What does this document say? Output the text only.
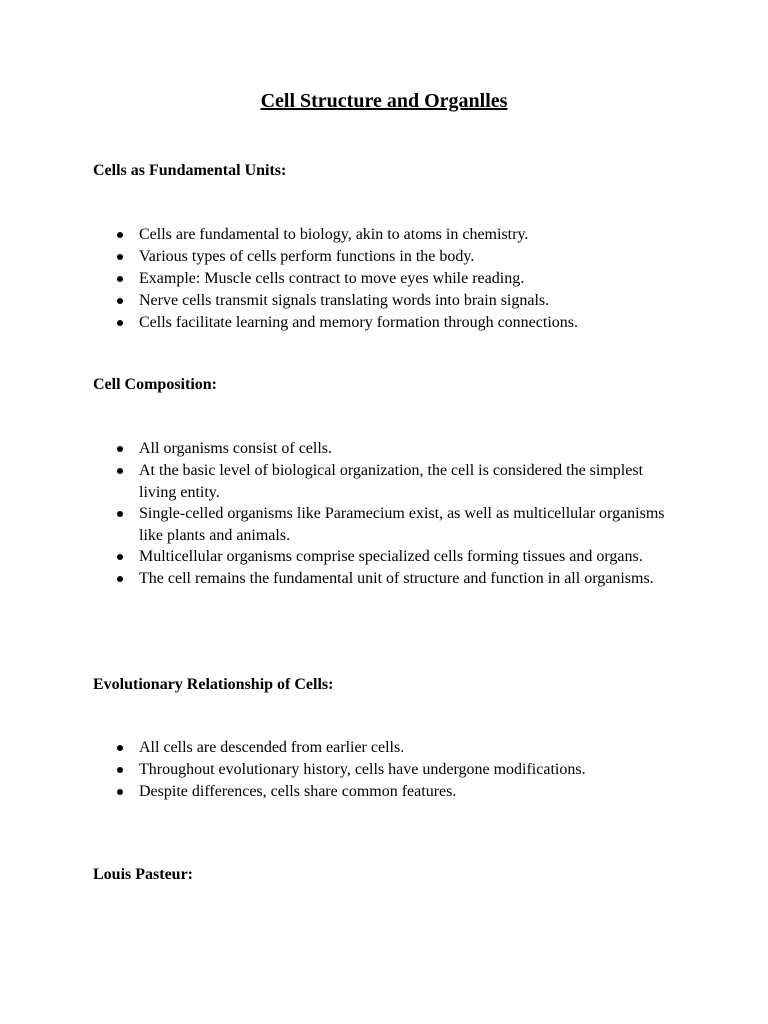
Cell Structure and Organlles
Cells as Fundamental Units:
Cells are fundamental to biology, akin to atoms in chemistry.
Various types of cells perform functions in the body.
Example: Muscle cells contract to move eyes while reading.
Nerve cells transmit signals translating words into brain signals.
Cells facilitate learning and memory formation through connections.
Cell Composition:
All organisms consist of cells.
At the basic level of biological organization, the cell is considered the simplest living entity.
Single-celled organisms like Paramecium exist, as well as multicellular organisms like plants and animals.
Multicellular organisms comprise specialized cells forming tissues and organs.
The cell remains the fundamental unit of structure and function in all organisms.
Evolutionary Relationship of Cells:
All cells are descended from earlier cells.
Throughout evolutionary history, cells have undergone modifications.
Despite differences, cells share common features.
Louis Pasteur:
